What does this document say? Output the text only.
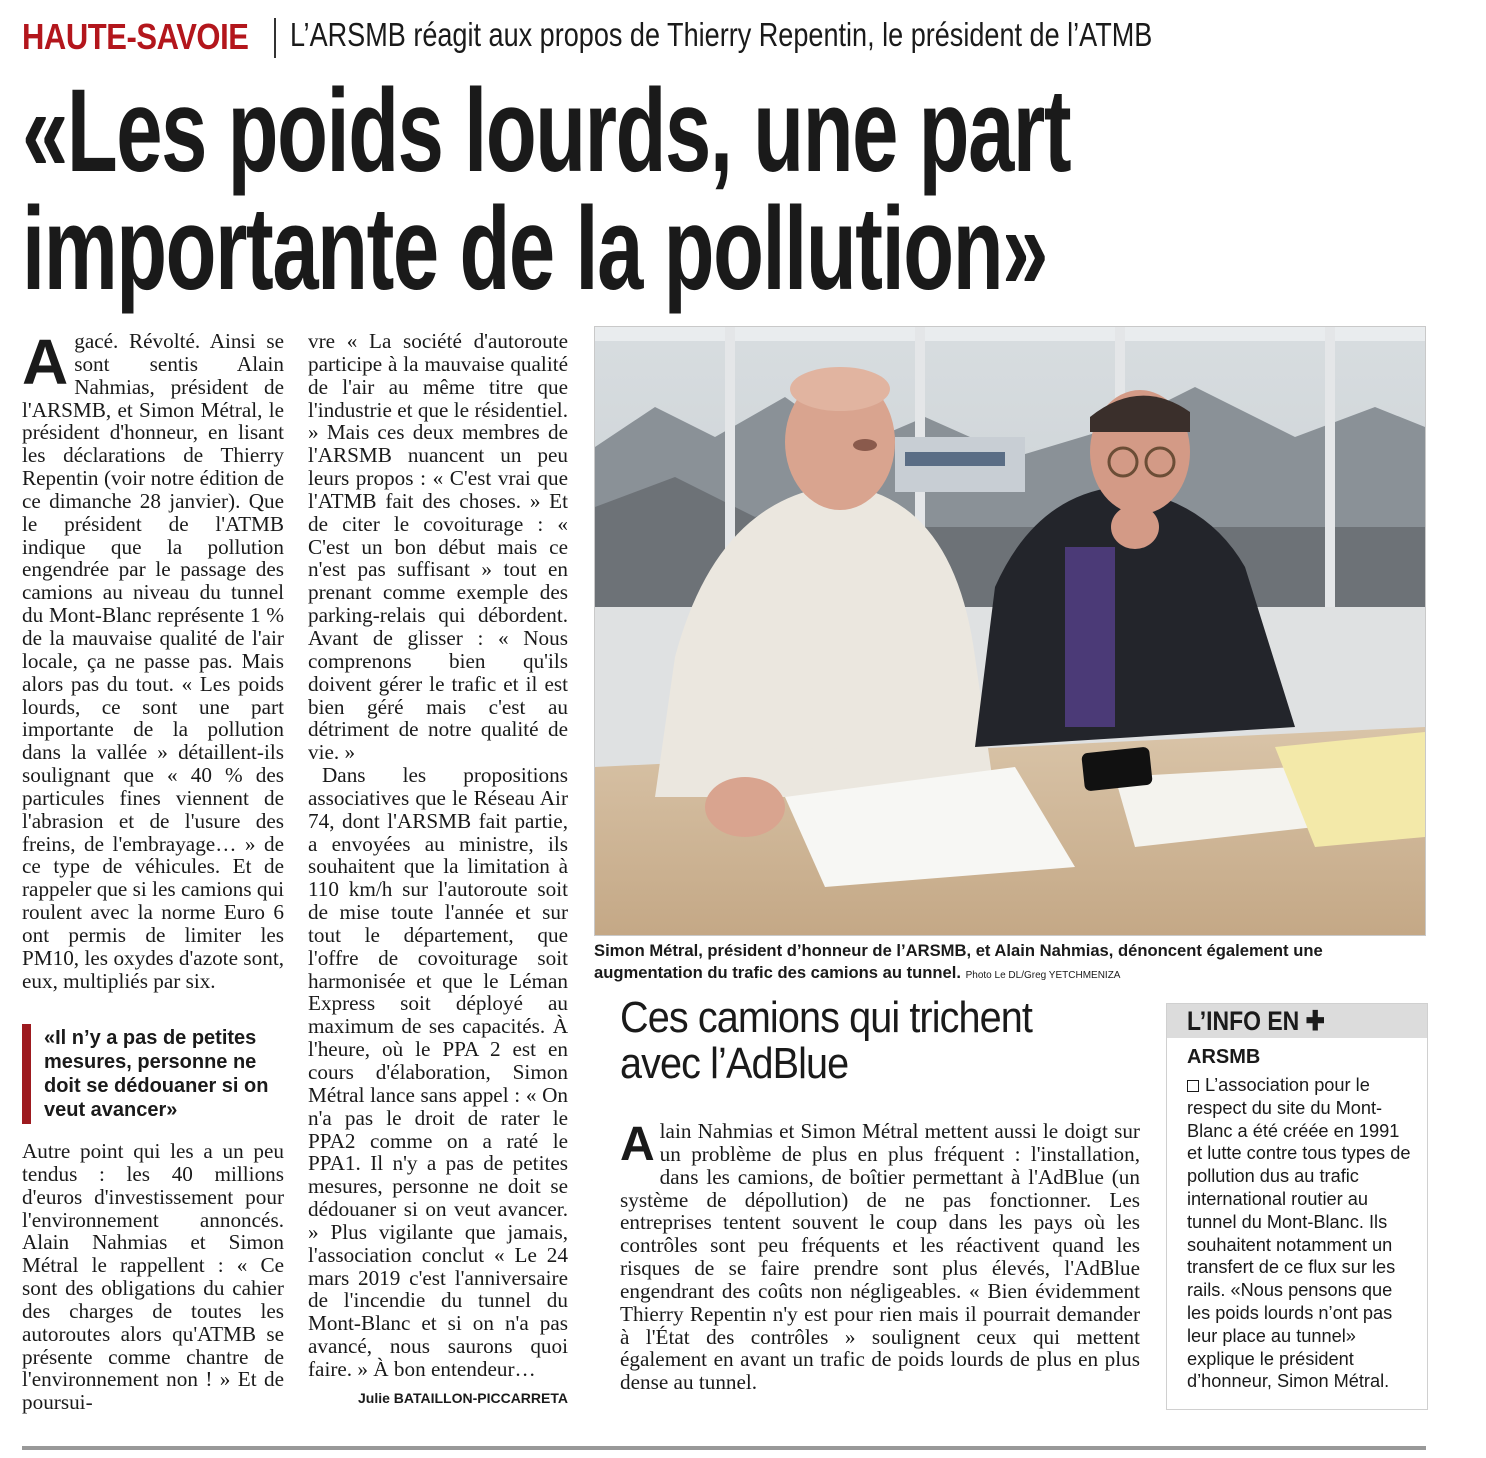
HAUTE-SAVOIE L’ARSMB réagit aux propos de Thierry Repentin, le président de l’ATMB
«Les poids lourds, une part
importante de la pollution»
A gacé. Révolté. Ainsi se sont sentis Alain Nahmias, président de l'ARSMB, et Simon Métral, le président d'honneur, en lisant les déclarations de Thierry Repentin (voir notre édition de ce dimanche 28 janvier). Que le président de l'ATMB indique que la pollution engendrée par le passage des camions au niveau du tunnel du Mont-Blanc représente 1 % de la mauvaise qualité de l'air locale, ça ne passe pas. Mais alors pas du tout. « Les poids lourds, ce sont une part importante de la pollution dans la vallée » détaillent-ils soulignant que « 40 % des particules fines viennent de l'abrasion et de l'usure des freins, de l'embrayage… » de ce type de véhicules. Et de rappeler que si les camions qui roulent avec la norme Euro 6 ont permis de limiter les PM10, les oxydes d'azote sont, eux, multipliés par six.

«Il n’y a pas de petites mesures, personne ne doit se dédouaner si on veut avancer»

Autre point qui les a un peu tendus : les 40 millions d'euros d'investissement pour l'environnement annoncés. Alain Nahmias et Simon Métral le rappellent : « Ce sont des obligations du cahier des charges de toutes les autoroutes alors qu'ATMB se présente comme chantre de l'environnement non ! » Et de poursui-

vre « La société d'autoroute participe à la mauvaise qualité de l'air au même titre que l'industrie et que le résidentiel. » Mais ces deux membres de l'ARSMB nuancent un peu leurs propos : « C'est vrai que l'ATMB fait des choses. » Et de citer le covoiturage : « C'est un bon début mais ce n'est pas suffisant » tout en prenant comme exemple des parking-relais qui débordent. Avant de glisser : « Nous comprenons bien qu'ils doivent gérer le trafic et il est bien géré mais c'est au détriment de notre qualité de vie. »

Dans les propositions associatives que le Réseau Air 74, dont l'ARSMB fait partie, a envoyées au ministre, ils souhaitent que la limitation à 110 km/h sur l'autoroute soit de mise toute l'année et sur tout le département, que l'offre de covoiturage soit harmonisée et que le Léman Express soit déployé au maximum de ses capacités. À l'heure, où le PPA 2 est en cours d'élaboration, Simon Métral lance sans appel : « On n'a pas le droit de rater le PPA2 comme on a raté le PPA1. Il n'y a pas de petites mesures, personne ne doit se dédouaner si on veut avancer. » Plus vigilante que jamais, l'association conclut « Le 24 mars 2019 c'est l'anniversaire de l'incendie du tunnel du Mont-Blanc et si on n'a pas avancé, nous saurons quoi faire. » À bon entendeur…

Julie BATAILLON-PICCARRETA
Simon Métral, président d’honneur de l’ARSMB, et Alain Nahmias, dénoncent également une augmentation du trafic des camions au tunnel. Photo Le DL/Greg YETCHMENIZA
Ces camions qui trichent
avec l’AdBlue
A lain Nahmias et Simon Métral mettent aussi le doigt sur un problème de plus en plus fréquent : l'installation, dans les camions, de boîtier permettant à l'AdBlue (un système de dépollution) de ne pas fonctionner. Les entreprises tentent souvent le coup dans les pays où les contrôles sont peu fréquents et les réactivent quand les risques de se faire prendre sont plus élevés, l'AdBlue engendrant des coûts non négligeables. « Bien évidemment Thierry Repentin n'y est pour rien mais il pourrait demander à l'État des contrôles » soulignent ceux qui mettent également en avant un trafic de poids lourds de plus en plus dense au tunnel.

L’INFO EN ✚
ARSMB
L’association pour le respect du site du Mont-Blanc a été créée en 1991 et lutte contre tous types de pollution dus au trafic international routier au tunnel du Mont-Blanc. Ils souhaitent notamment un transfert de ce flux sur les rails. «Nous pensons que les poids lourds n’ont pas leur place au tunnel» explique le président d’honneur, Simon Métral.
